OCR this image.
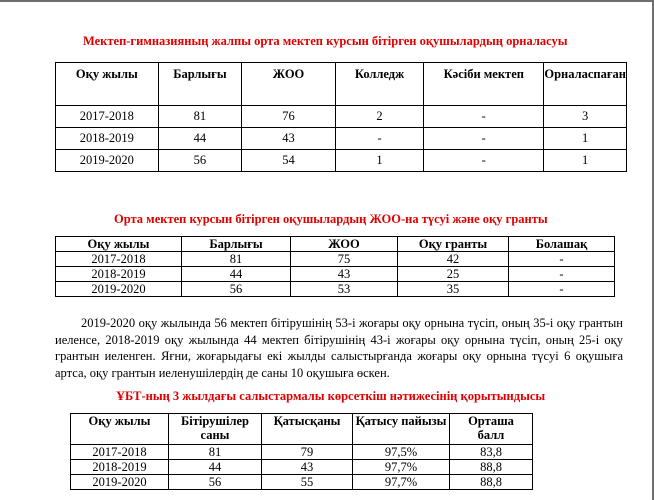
Мектеп-гимназияның жалпы орта мектеп курсын бітірген оқушылардың орналасуы

Оқу жылы	Барлығы	ЖОО	Колледж	Кәсіби мектеп	Орналаспаған
2017-2018	81	76	2	-	3
2018-2019	44	43	-	-	1
2019-2020	56	54	1	-	1

Орта мектеп курсын бітірген оқушылардың ЖОО-на түсуі және оқу гранты

Оқу жылы	Барлығы	ЖОО	Оқу гранты	Болашақ
2017-2018	81	75	42	-
2018-2019	44	43	25	-
2019-2020	56	53	35	-

2019-2020 оқу жылында 56 мектеп бітірушінің 53-і жоғары оқу орнына түсіп, оның 35-і оқу грантын иеленсе, 2018-2019 оқу жылында 44 мектеп бітірушінің 43-і жоғары оқу орнына түсіп, оның 25-і оқу грантын иеленген. Яғни, жоғарыдағы екі жылды салыстырғанда жоғары оқу орнына түсуі 6 оқушыға артса, оқу грантын иеленушілердің де саны 10 оқушыға өскен.

ҰБТ-ның 3 жылдағы салыстармалы көрсеткіш нәтижесінің қорытындысы

Оқу жылы	Бітірушілер саны	Қатысқаны	Қатысу пайызы	Орташа балл
2017-2018	81	79	97,5%	83,8
2018-2019	44	43	97,7%	88,8
2019-2020	56	55	97,7%	88,8
